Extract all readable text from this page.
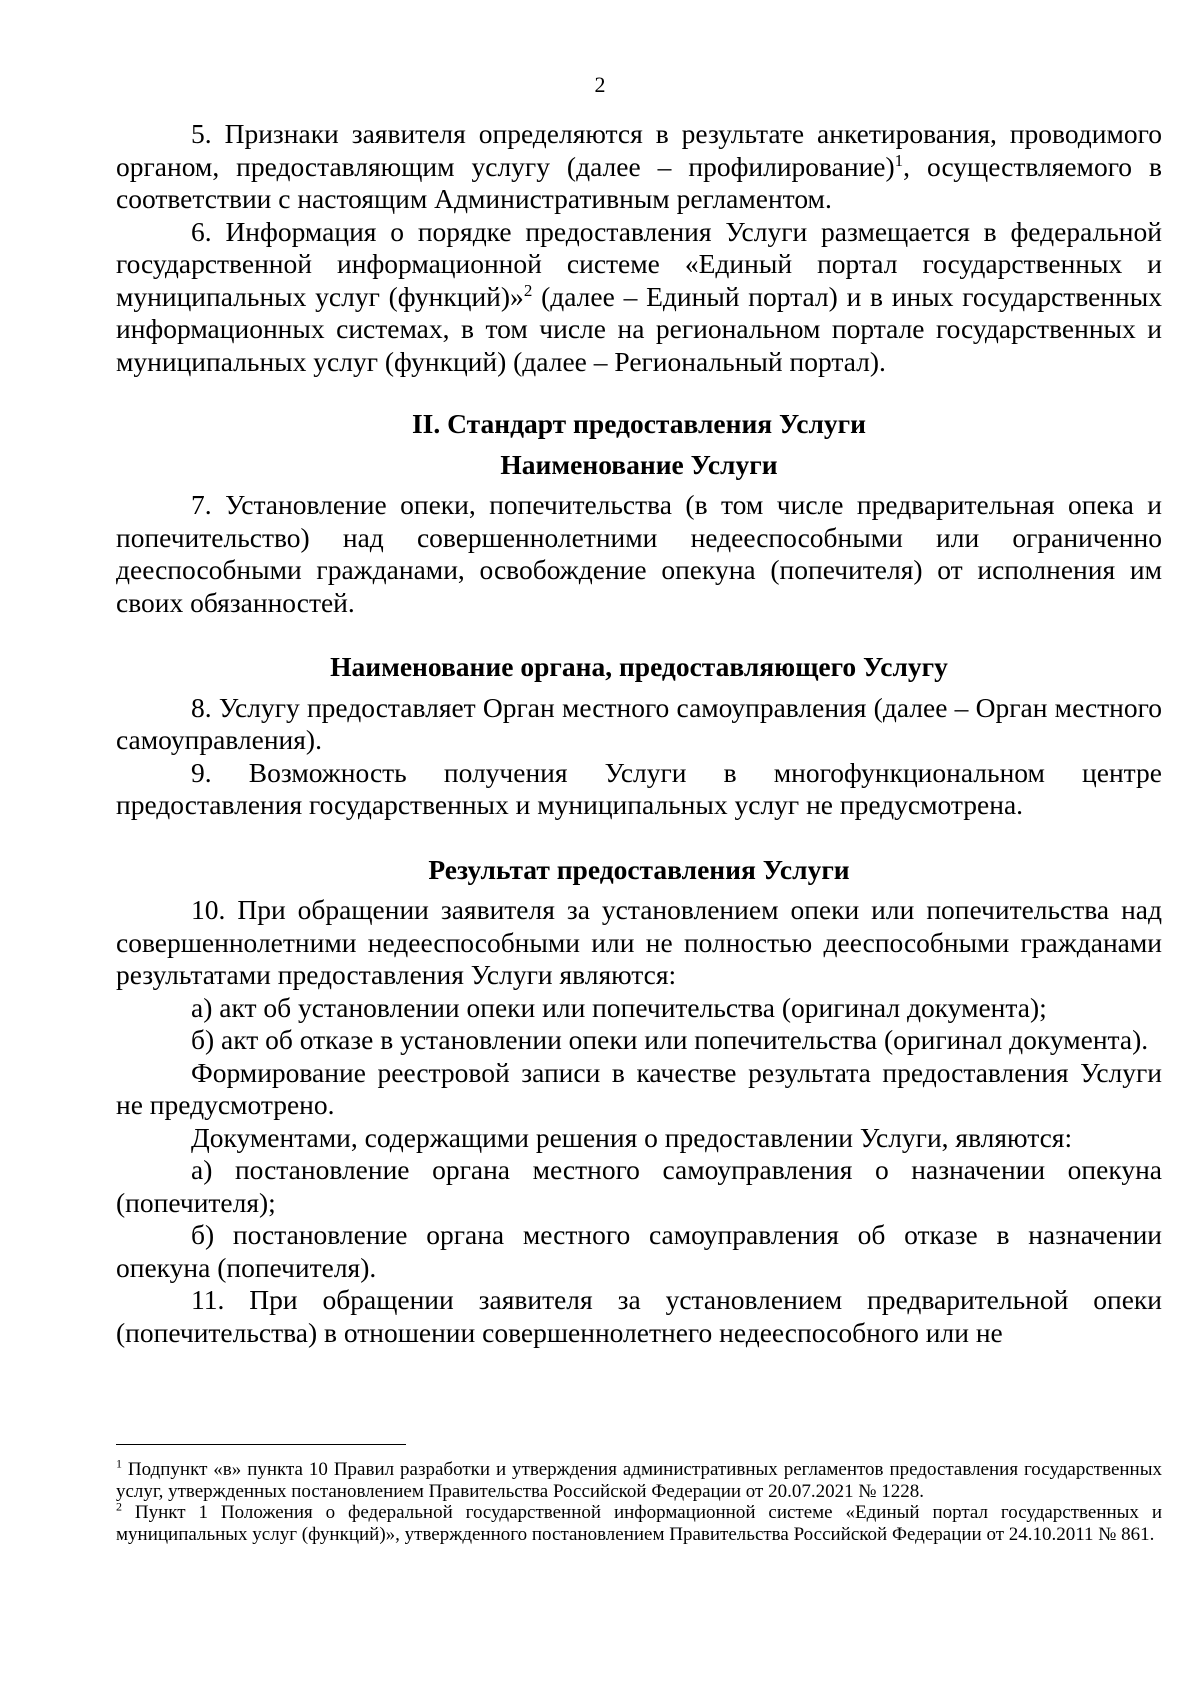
2

5. Признаки заявителя определяются в результате анкетирования, проводимого органом, предоставляющим услугу (далее – профилирование)$^1$, осуществляемого в соответствии с настоящим Административным регламентом.

6. Информация о порядке предоставления Услуги размещается в федеральной государственной информационной системе «Единый портал государственных и муниципальных услуг (функций)»$^2$ (далее – Единый портал) и в иных государственных информационных системах, в том числе на региональном портале государственных и муниципальных услуг (функций) (далее – Региональный портал).

II. Стандарт предоставления Услуги
Наименование Услуги

7. Установление опеки, попечительства (в том числе предварительная опека и попечительство) над совершеннолетними недееспособными или ограниченно дееспособными гражданами, освобождение опекуна (попечителя) от исполнения им своих обязанностей.

Наименование органа, предоставляющего Услугу

8. Услугу предоставляет Орган местного самоуправления (далее – Орган местного самоуправления).

9. Возможность получения Услуги в многофункциональном центре предоставления государственных и муниципальных услуг не предусмотрена.

Результат предоставления Услуги

10. При обращении заявителя за установлением опеки или попечительства над совершеннолетними недееспособными или не полностью дееспособными гражданами результатами предоставления Услуги являются:

а) акт об установлении опеки или попечительства (оригинал документа);

б) акт об отказе в установлении опеки или попечительства (оригинал документа).

Формирование реестровой записи в качестве результата предоставления Услуги не предусмотрено.

Документами, содержащими решения о предоставлении Услуги, являются:

а) постановление органа местного самоуправления о назначении опекуна (попечителя);

б) постановление органа местного самоуправления об отказе в назначении опекуна (попечителя).

11. При обращении заявителя за установлением предварительной опеки (попечительства) в отношении совершеннолетнего недееспособного или не

$^1$ Подпункт «в» пункта 10 Правил разработки и утверждения административных регламентов предоставления государственных услуг, утвержденных постановлением Правительства Российской Федерации от 20.07.2021 № 1228.

$^2$ Пункт 1 Положения о федеральной государственной информационной системе «Единый портал государственных и муниципальных услуг (функций)», утвержденного постановлением Правительства Российской Федерации от 24.10.2011 № 861.
